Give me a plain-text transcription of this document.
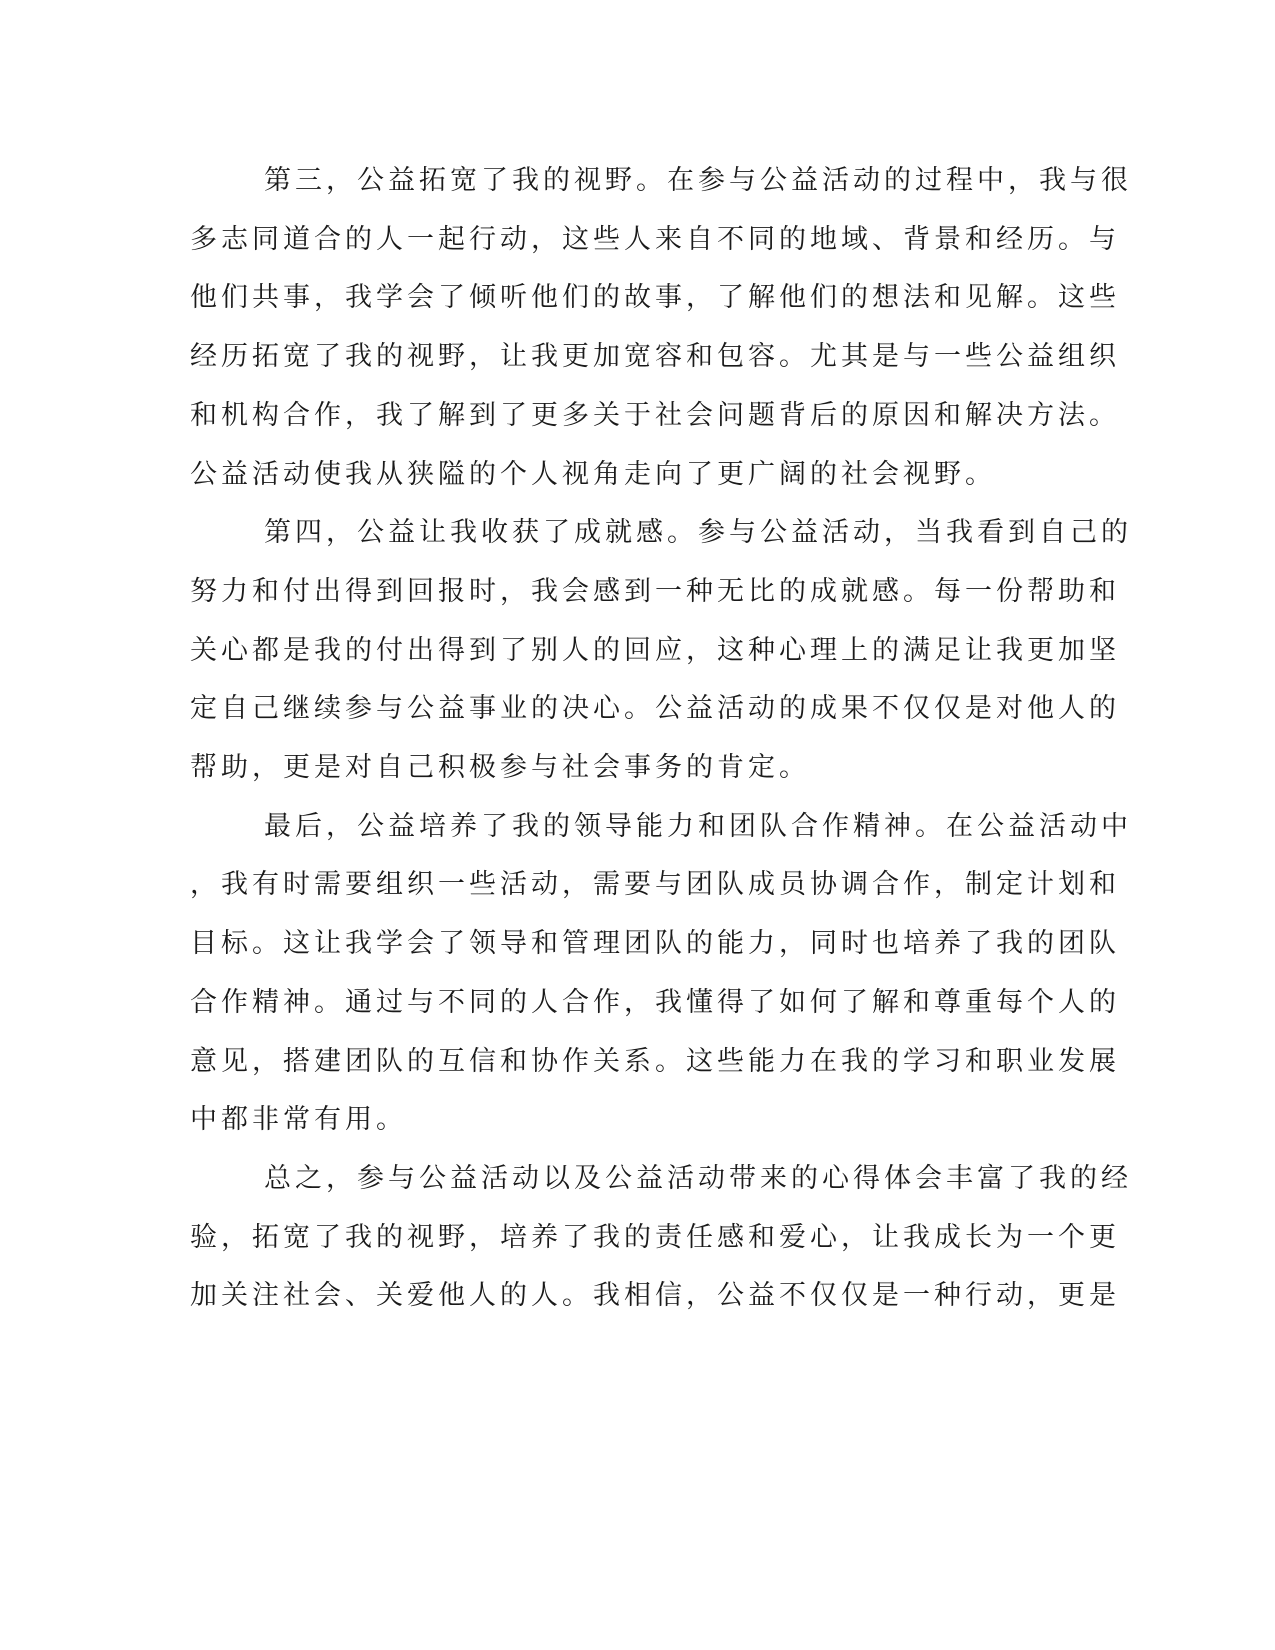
第三，公益拓宽了我的视野。在参与公益活动的过程中，我与很
多志同道合的人一起行动，这些人来自不同的地域、背景和经历。与
他们共事，我学会了倾听他们的故事，了解他们的想法和见解。这些
经历拓宽了我的视野，让我更加宽容和包容。尤其是与一些公益组织
和机构合作，我了解到了更多关于社会问题背后的原因和解决方法。
公益活动使我从狭隘的个人视角走向了更广阔的社会视野。
第四，公益让我收获了成就感。参与公益活动，当我看到自己的
努力和付出得到回报时，我会感到一种无比的成就感。每一份帮助和
关心都是我的付出得到了别人的回应，这种心理上的满足让我更加坚
定自己继续参与公益事业的决心。公益活动的成果不仅仅是对他人的
帮助，更是对自己积极参与社会事务的肯定。
最后，公益培养了我的领导能力和团队合作精神。在公益活动中
，我有时需要组织一些活动，需要与团队成员协调合作，制定计划和
目标。这让我学会了领导和管理团队的能力，同时也培养了我的团队
合作精神。通过与不同的人合作，我懂得了如何了解和尊重每个人的
意见，搭建团队的互信和协作关系。这些能力在我的学习和职业发展
中都非常有用。
总之，参与公益活动以及公益活动带来的心得体会丰富了我的经
验，拓宽了我的视野，培养了我的责任感和爱心，让我成长为一个更
加关注社会、关爱他人的人。我相信，公益不仅仅是一种行动，更是
